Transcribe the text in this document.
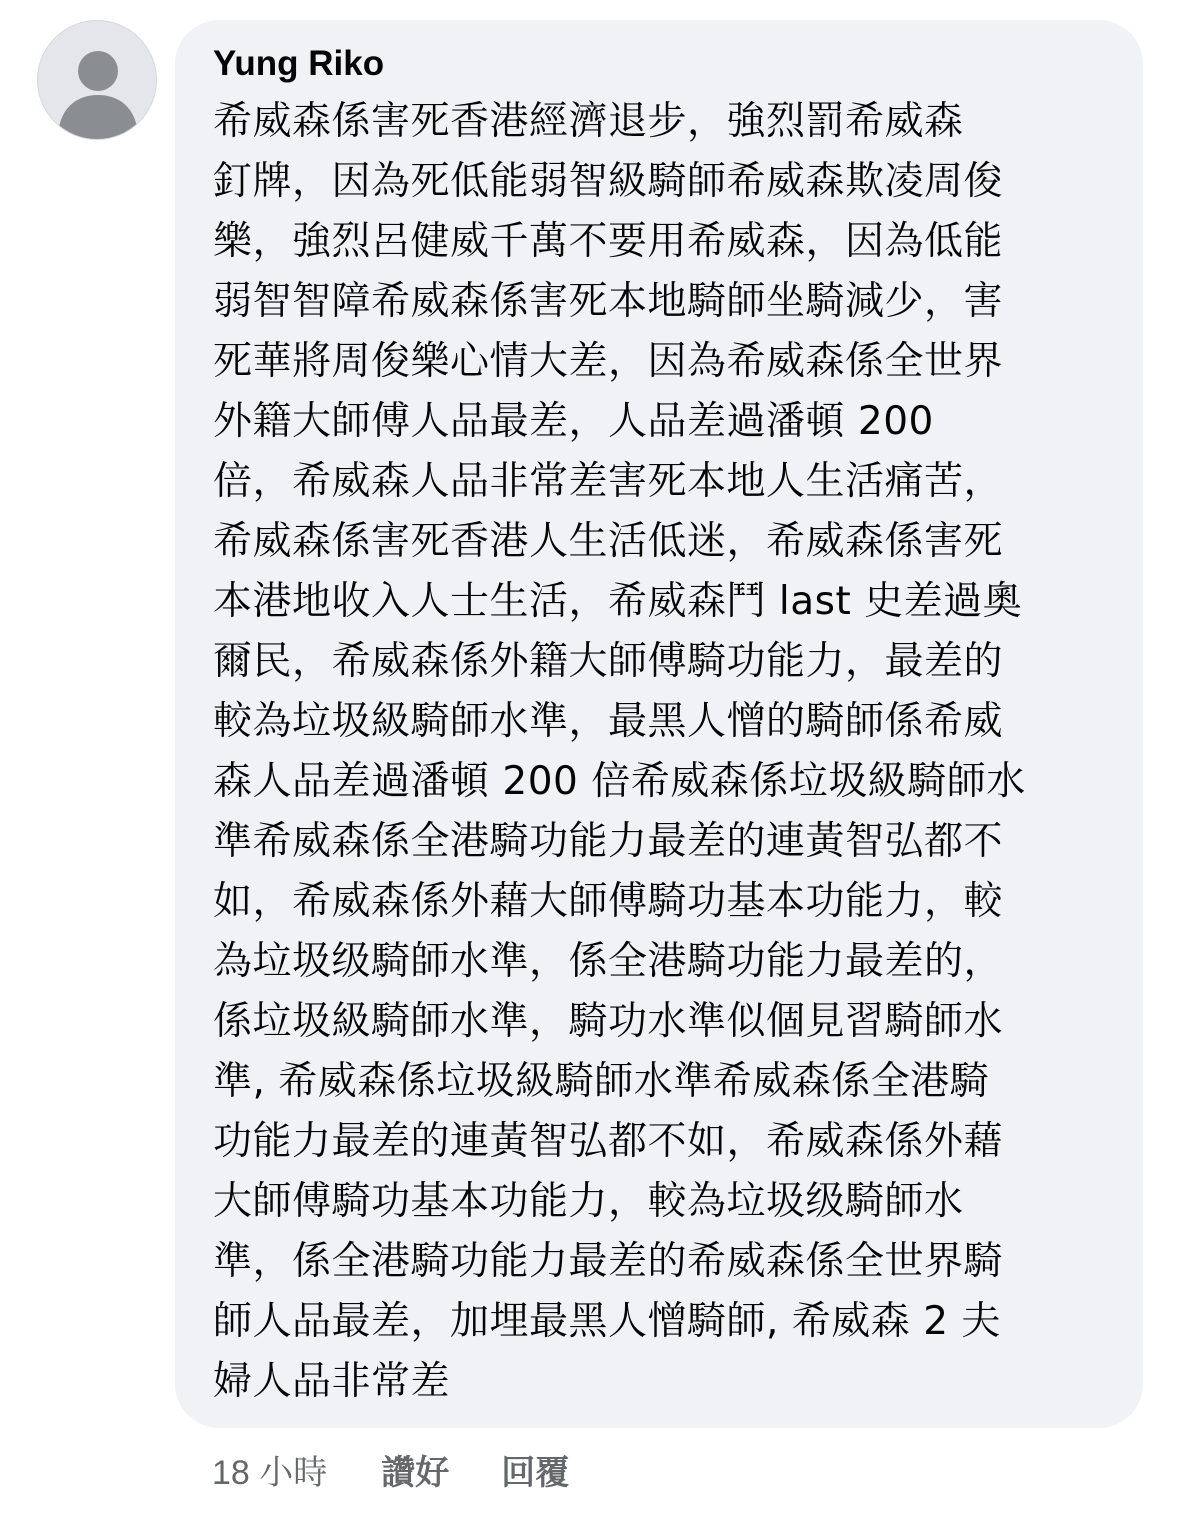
Yung Riko

希威森係害死香港經濟退步，強烈罰希威森
釘牌，因為死低能弱智級騎師希威森欺凌周俊
樂，強烈呂健威千萬不要用希威森，因為低能
弱智智障希威森係害死本地騎師坐騎減少，害
死華將周俊樂心情大差，因為希威森係全世界
外籍大師傅人品最差，人品差過潘頓 200
倍，希威森人品非常差害死本地人生活痛苦，
希威森係害死香港人生活低迷，希威森係害死
本港地收入人士生活，希威森鬥 last 史差過奧
爾民，希威森係外籍大師傅騎功能力，最差的
較為垃圾級騎師水準，最黑人憎的騎師係希威
森人品差過潘頓 200 倍希威森係垃圾級騎師水
準希威森係全港騎功能力最差的連黃智弘都不
如，希威森係外藉大師傅騎功基本功能力，較
為垃圾级騎師水準，係全港騎功能力最差的，
係垃圾級騎師水準，騎功水準似個見習騎師水
準, 希威森係垃圾級騎師水準希威森係全港騎
功能力最差的連黃智弘都不如，希威森係外藉
大師傅騎功基本功能力，較為垃圾级騎師水
準，係全港騎功能力最差的希威森係全世界騎
師人品最差，加埋最黑人憎騎師, 希威森 2 夫
婦人品非常差
18 小時 讚好 回覆
